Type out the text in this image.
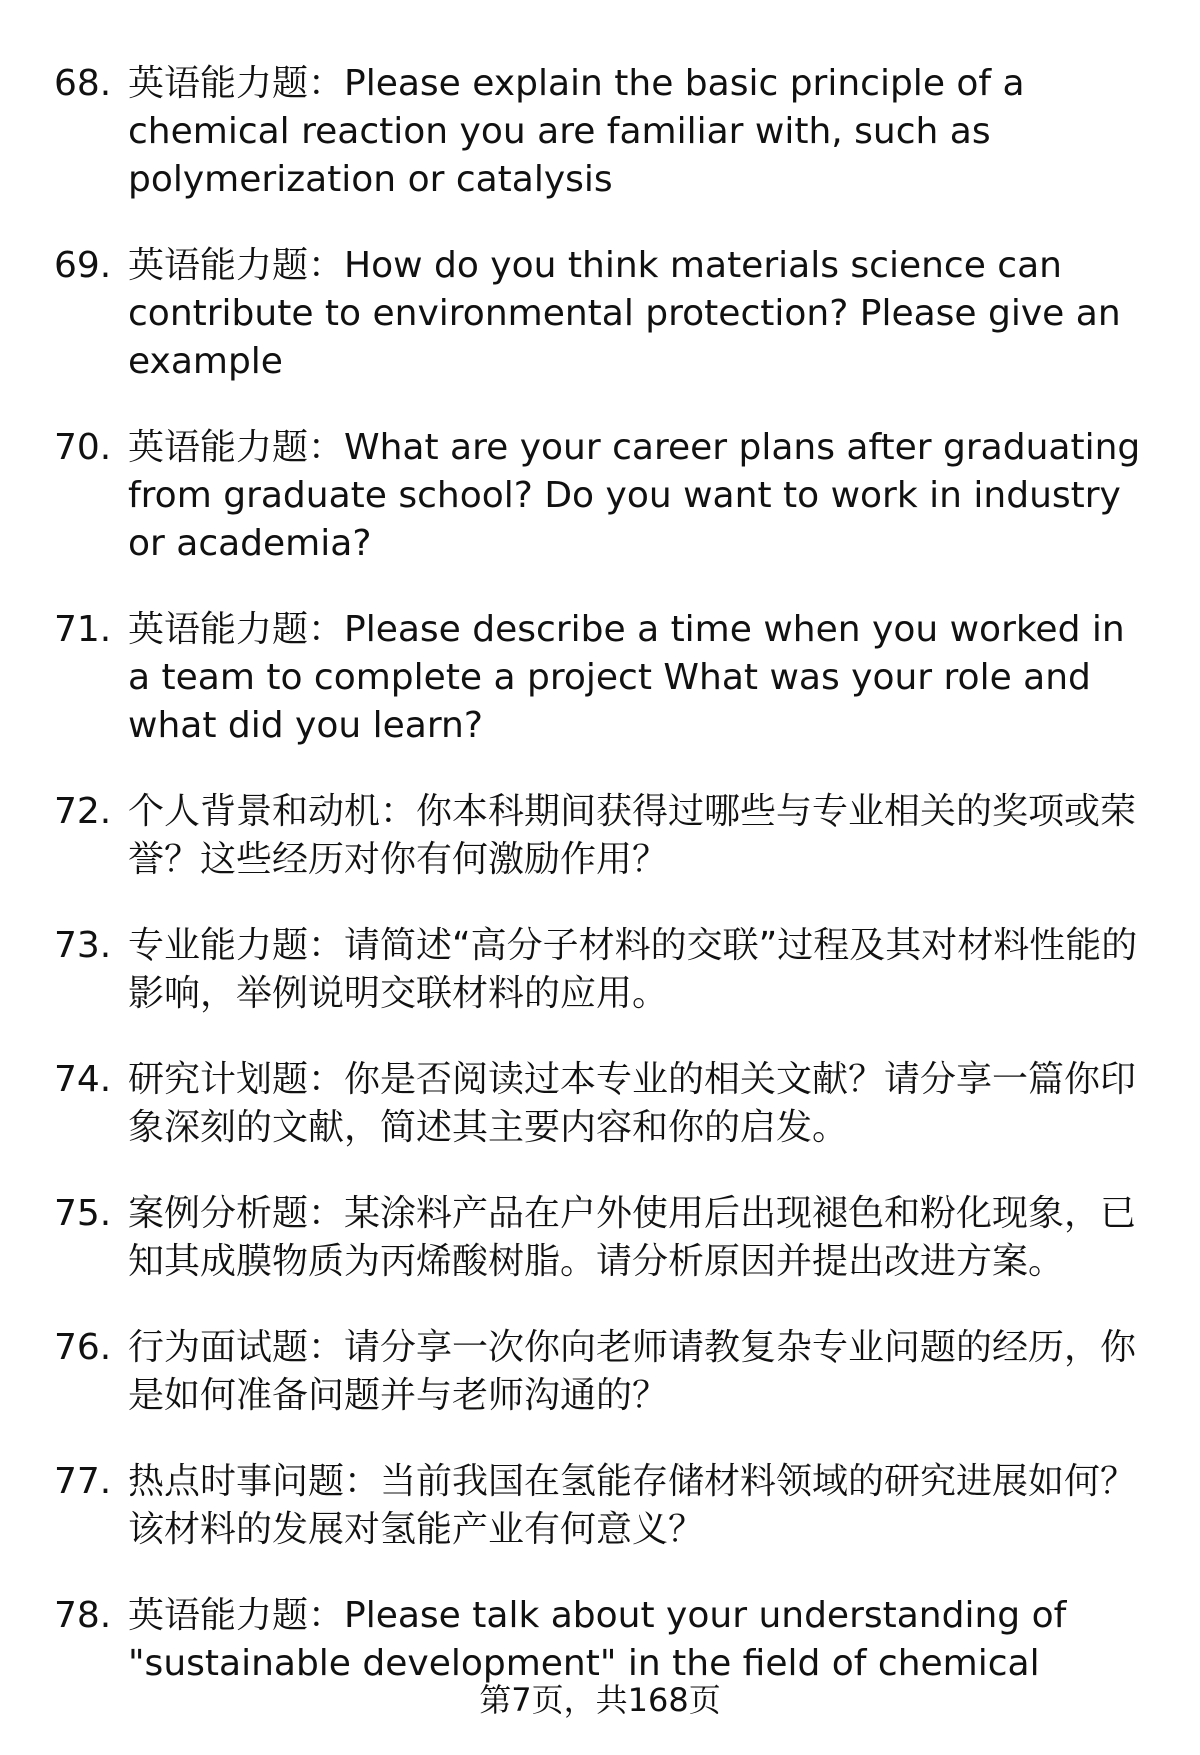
68. 英语能力题：Please explain the basic principle of a chemical reaction you are familiar with, such as polymerization or catalysis
69. 英语能力题：How do you think materials science can contribute to environmental protection? Please give an example
70. 英语能力题：What are your career plans after graduating from graduate school? Do you want to work in industry or academia?
71. 英语能力题：Please describe a time when you worked in a team to complete a project What was your role and what did you learn?
72. 个人背景和动机：你本科期间获得过哪些与专业相关的奖项或荣誉？这些经历对你有何激励作用？
73. 专业能力题：请简述“高分子材料的交联”过程及其对材料性能的影响，举例说明交联材料的应用。
74. 研究计划题：你是否阅读过本专业的相关文献？请分享一篇你印象深刻的文献，简述其主要内容和你的启发。
75. 案例分析题：某涂料产品在户外使用后出现褪色和粉化现象，已知其成膜物质为丙烯酸树脂。请分析原因并提出改进方案。
76. 行为面试题：请分享一次你向老师请教复杂专业问题的经历，你是如何准备问题并与老师沟通的？
77. 热点时事问题：当前我国在氢能存储材料领域的研究进展如何？该材料的发展对氢能产业有何意义？
78. 英语能力题：Please talk about your understanding of "sustainable development" in the field of chemical
第7页，共168页
